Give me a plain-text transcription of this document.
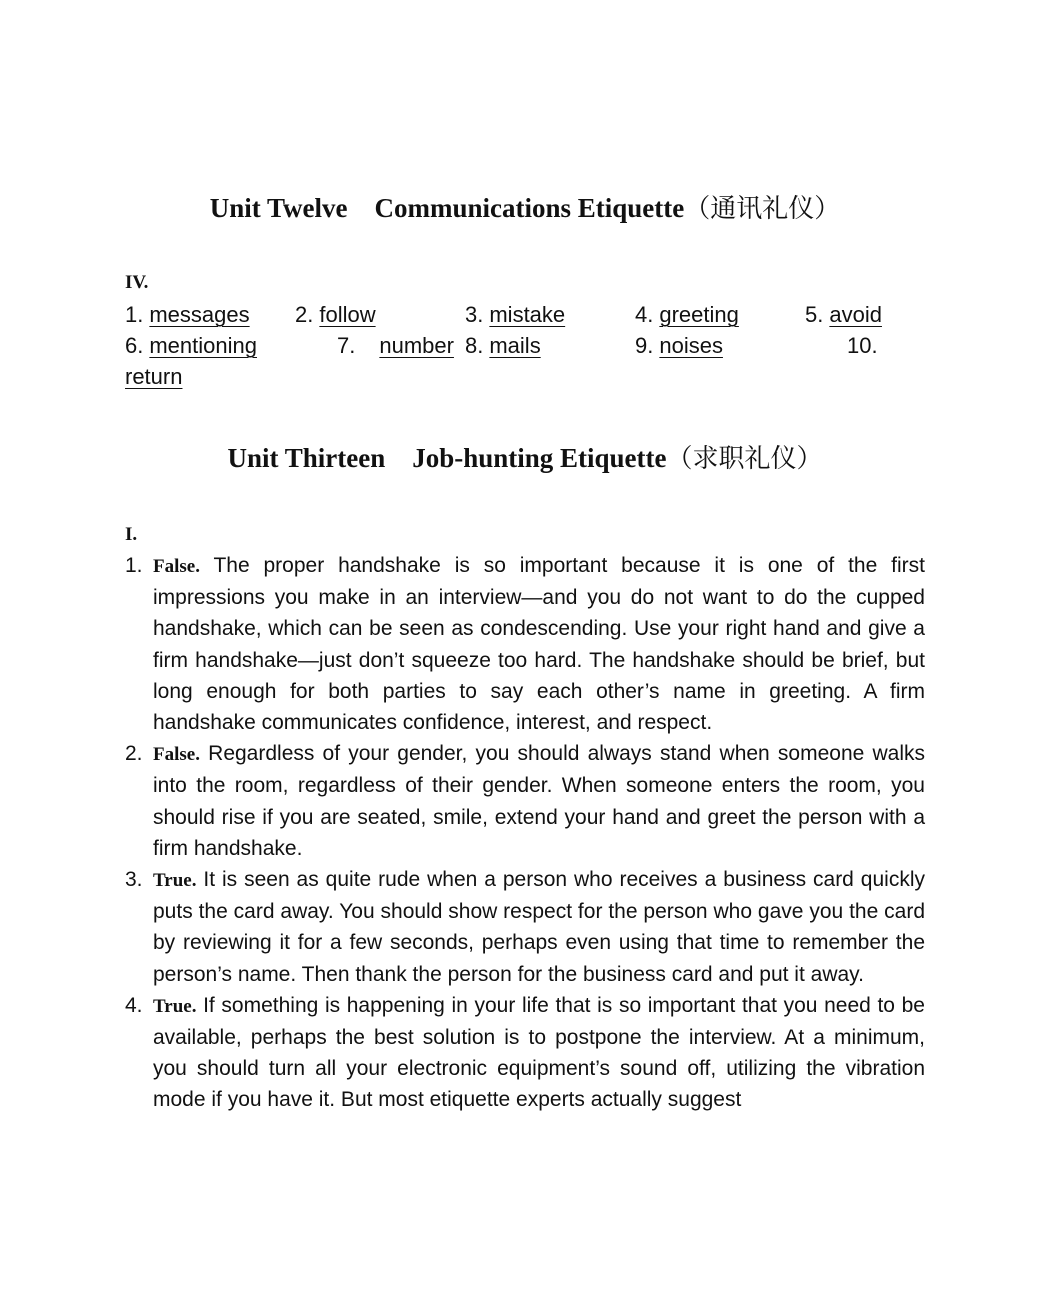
Unit Twelve Communications Etiquette（通讯礼仪）
IV.
1. messages 2. follow	3. mistake	4. greeting	5. avoid
6. mentioning	7. number 8. mails	9. noises	10.
return
Unit Thirteen Job-hunting Etiquette（求职礼仪）
I.
1. False. The proper handshake is so important because it is one of the first impressions you make in an interview—and you do not want to do the cupped handshake, which can be seen as condescending. Use your right hand and give a firm handshake—just don’t squeeze too hard. The handshake should be brief, but long enough for both parties to say each other’s name in greeting. A firm handshake communicates confidence, interest, and respect.
2. False. Regardless of your gender, you should always stand when someone walks into the room, regardless of their gender. When someone enters the room, you should rise if you are seated, smile, extend your hand and greet the person with a firm handshake.
3. True. It is seen as quite rude when a person who receives a business card quickly puts the card away. You should show respect for the person who gave you the card by reviewing it for a few seconds, perhaps even using that time to remember the person’s name. Then thank the person for the business card and put it away.
4. True. If something is happening in your life that is so important that you need to be available, perhaps the best solution is to postpone the interview. At a minimum, you should turn all your electronic equipment’s sound off, utilizing the vibration mode if you have it. But most etiquette experts actually suggest
